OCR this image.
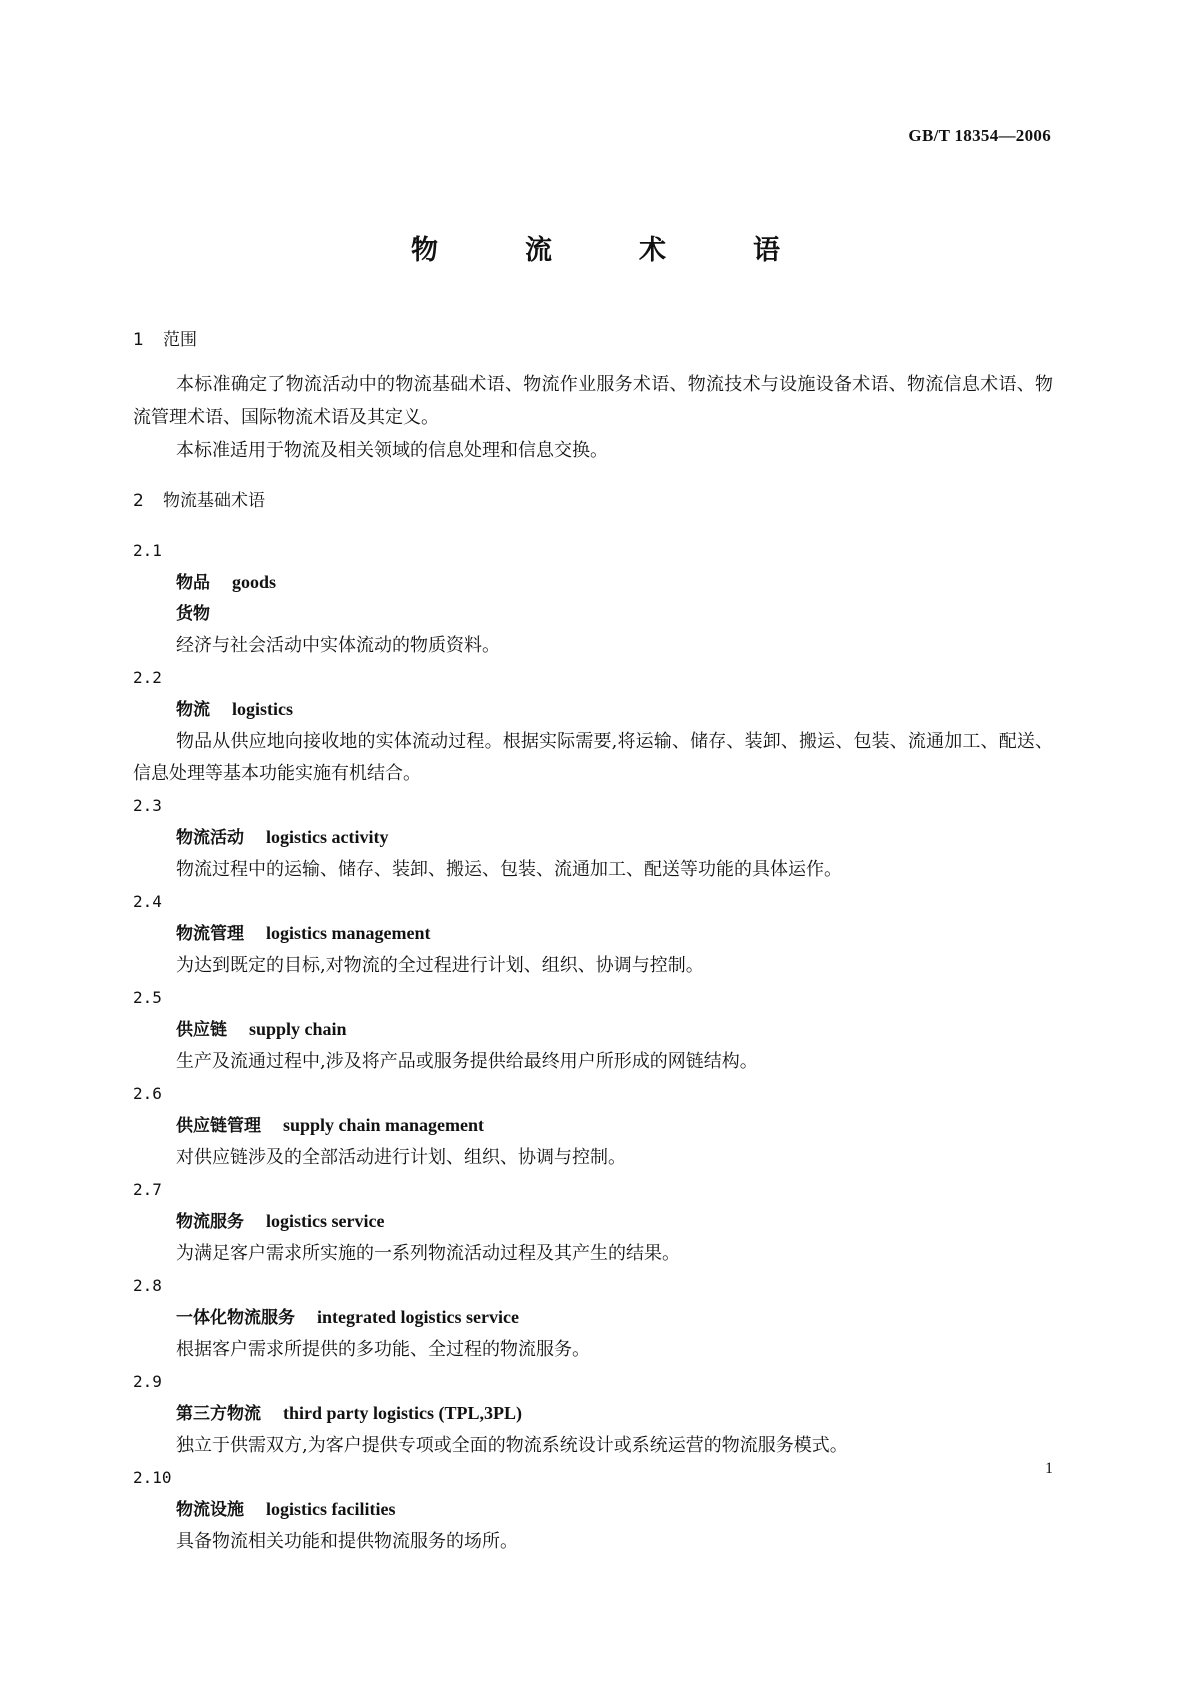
GB/T 18354—2006
物　流　术　语

1 范围

本标准确定了物流活动中的物流基础术语、物流作业服务术语、物流技术与设施设备术语、物流信息术语、物流管理术语、国际物流术语及其定义。

本标准适用于物流及相关领域的信息处理和信息交换。

2 物流基础术语

2.1

物品 goods

货物

经济与社会活动中实体流动的物质资料。

2.2

物流 logistics

物品从供应地向接收地的实体流动过程。根据实际需要,将运输、储存、装卸、搬运、包装、流通加工、配送、信息处理等基本功能实施有机结合。

2.3

物流活动 logistics activity

物流过程中的运输、储存、装卸、搬运、包装、流通加工、配送等功能的具体运作。

2.4

物流管理 logistics management

为达到既定的目标,对物流的全过程进行计划、组织、协调与控制。

2.5

供应链 supply chain

生产及流通过程中,涉及将产品或服务提供给最终用户所形成的网链结构。

2.6

供应链管理 supply chain management

对供应链涉及的全部活动进行计划、组织、协调与控制。

2.7

物流服务 logistics service

为满足客户需求所实施的一系列物流活动过程及其产生的结果。

2.8

一体化物流服务 integrated logistics service

根据客户需求所提供的多功能、全过程的物流服务。

2.9

第三方物流 third party logistics (TPL,3PL)

独立于供需双方,为客户提供专项或全面的物流系统设计或系统运营的物流服务模式。

2.10

物流设施 logistics facilities

具备物流相关功能和提供物流服务的场所。

1
